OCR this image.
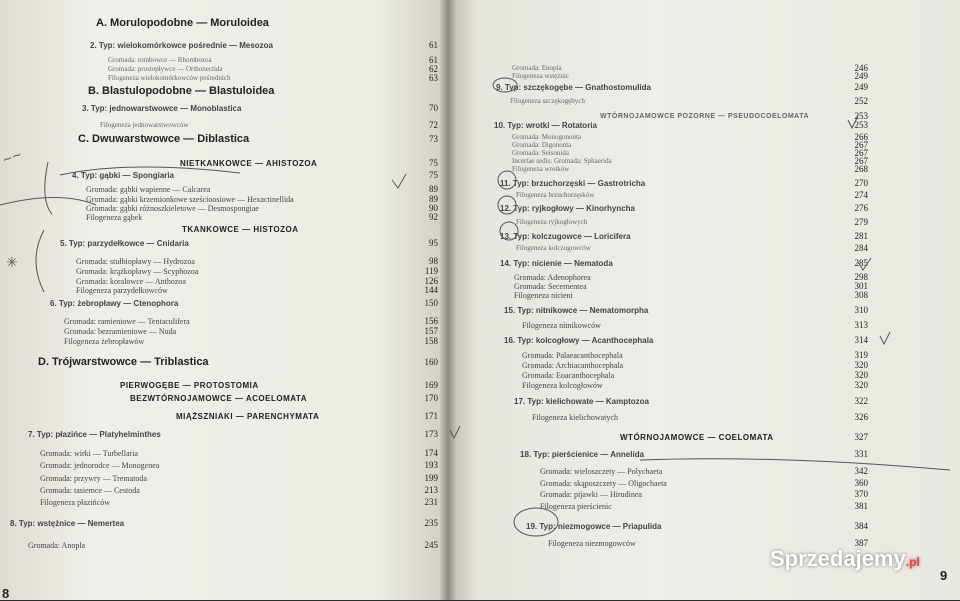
A. Morulopodobne — Moruloidea
2. Typ: wielokomórkowce pośrednie — Mesozoa	61
Gromada: rombowce — Rhombozoa	61
Gromada: prostopływce — Orthonectida	62
Filogeneza wielokomórkowców pośrednich	63
B. Blastulopodobne — Blastuloidea
3. Typ: jednowarstwowce — Monoblastica	70
Filogeneza jednowarstwowców	72
C. Dwuwarstwowce — Diblastica	73
NIETKANKOWCE — AHISTOZOA	75
4. Typ: gąbki — Spongiaria	75
Gromada: gąbki wapienne — Calcarea	89
Gromada: gąbki krzemionkowe sześcioosiowe — Hexactinellida	89
Gromada: gąbki różnoszkieletowe — Desmospongiae	90
Filogeneza gąbek	92
TKANKOWCE — HISTOZOA
5. Typ: parzydełkowce — Cnidaria	95
Gromada: stułbiopławy — Hydrozoa	98
Gromada: krążkopławy — Scyphozoa	119
Gromada: koralowce — Anthozoa	126
Filogeneza parzydełkowców	144
6. Typ: żebropławy — Ctenophora	150
Gromada: ramieniowe — Tentaculifera	156
Gromada: bezramieniowe — Nuda	157
Filogeneza żebropławów	158
D. Trójwarstwowce — Triblastica	160
PIERWOGĘBE — PROTOSTOMIA	169
BEZWTÓRNOJAMOWCE — ACOELOMATA	170
MIĄŻSZNIAKI — PARENCHYMATA	171
7. Typ: płazińce — Platyhelminthes	173
Gromada: wirki — Turbellaria	174
Gromada: jednorodce — Monogenea	193
Gromada: przywry — Trematoda	199
Gromada: tasiemce — Cestoda	213
Filogeneza płazińców	231
8. Typ: wstężnice — Nemertea	235
Gromada: Anopla	245
Gromada: Enopla	246
Filogeneza wstężnic	249
9. Typ: szczękogębe — Gnathostomulida	249
Filogeneza szczękogębych	252
WTÓRNOJAMOWCE POZORNE — PSEUDOCOELOMATA	253
10. Typ: wrotki — Rotatoria	253
Gromada: Monogononta	266
Gromada: Digononta	267
Gromada: Seisonida	267
Incertae sedis: Gromada: Sphaerida	267
Filogeneza wrotków	268
11. Typ: brzuchorzęski — Gastrotricha	270
Filogeneza brzuchorzęsków	274
12. Typ: ryjkogłowy — Kinorhyncha	276
Filogeneza ryjkogłowych	279
13. Typ: kolczugowce — Loricifera	281
Filogeneza kolczugowców	284
14. Typ: nicienie — Nematoda	285
Gromada: Adenophorea	298
Gromada: Secernentea	301
Filogeneza nicieni	308
15. Typ: nitnikowce — Nematomorpha	310
Filogeneza nitnikowców	313
16. Typ: kolcogłowy — Acanthocephala	314
Gromada: Palaeacanthocephala	319
Gromada: Archiacanthocephala	320
Gromada: Eoacanthocephala	320
Filogeneza kolcogłowów	320
17. Typ: kielichowate — Kamptozoa	322
Filogeneza kielichowatych	326
WTÓRNOJAMOWCE — COELOMATA	327
18. Typ: pierścienice — Annelida	331
Gromada: wieloszczety — Polychaeta	342
Gromada: skąposzczety — Oligochaeta	360
Gromada: pijawki — Hirudinea	370
Filogeneza pierścienic	381
19. Typ: niezmogowce — Priapulida	384
Filogeneza niezmogowców	387
~~
✳
8
9
Sprzedajemy.pl
